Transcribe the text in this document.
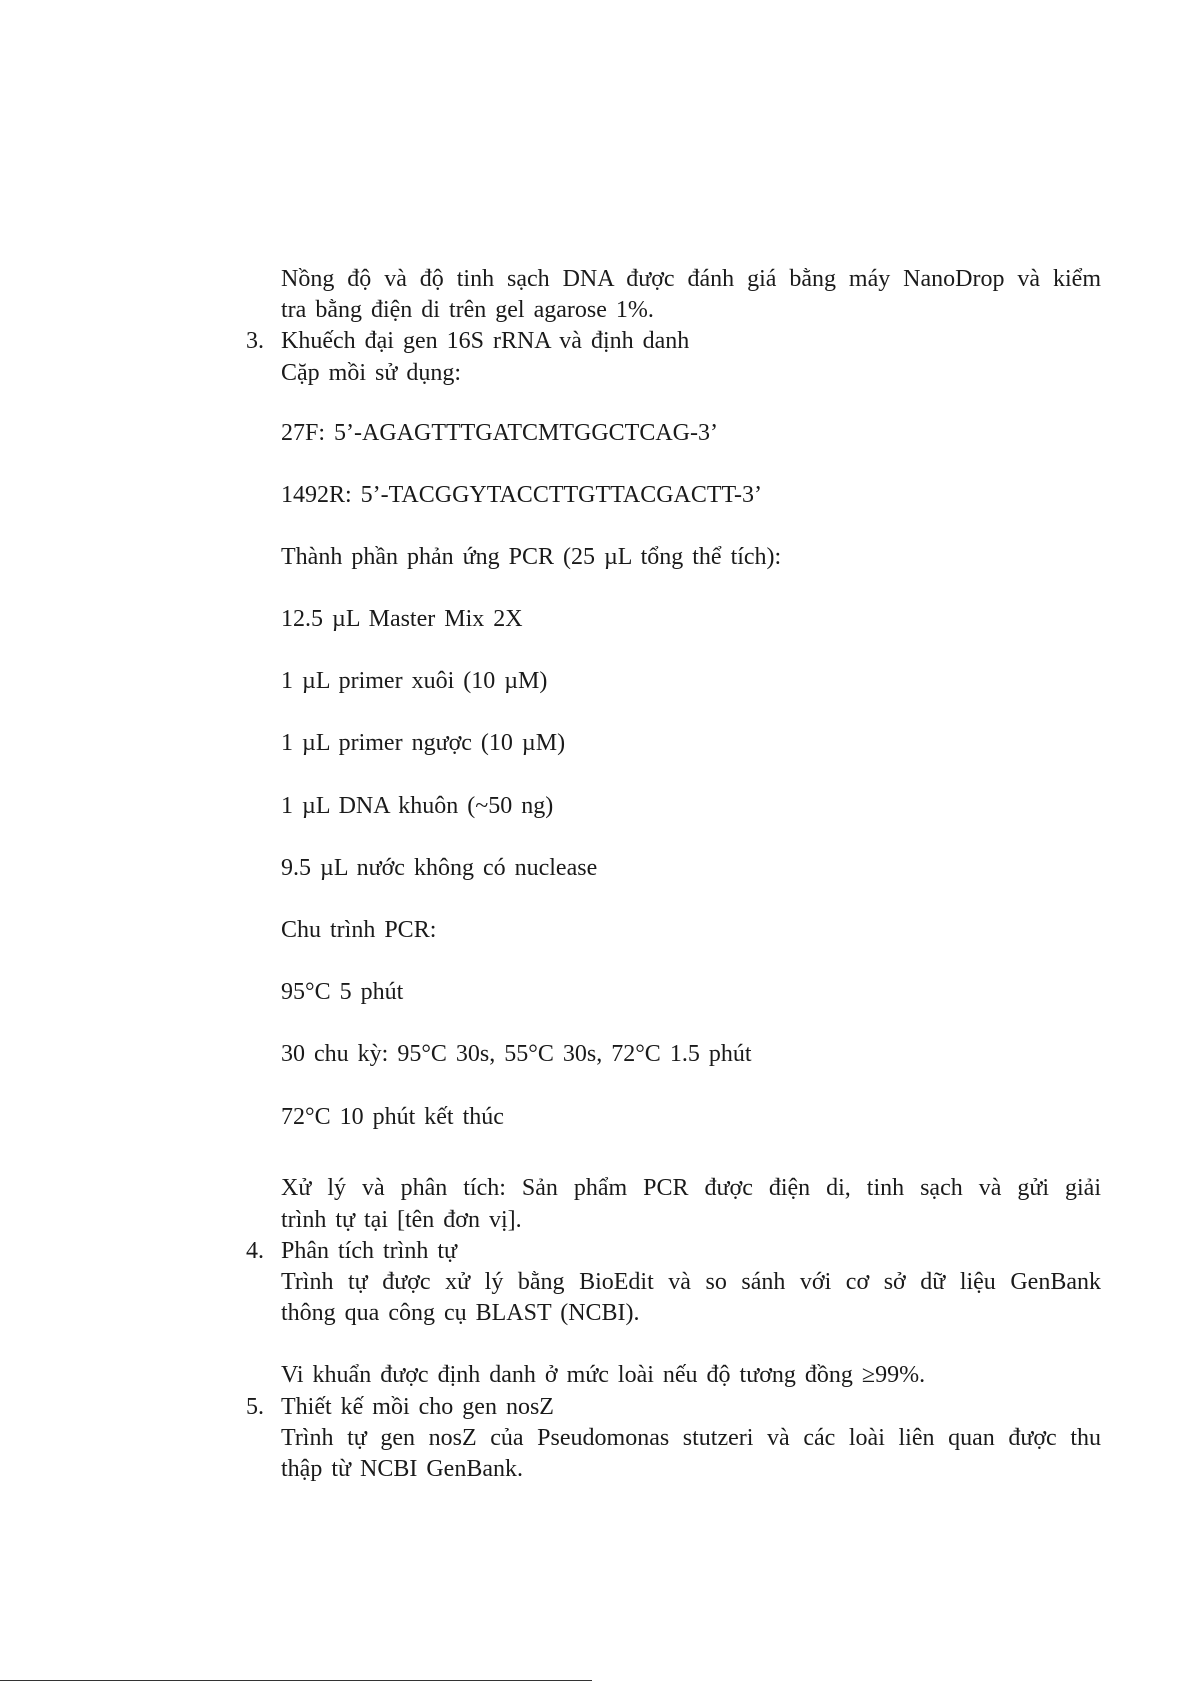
Nồng độ và độ tinh sạch DNA được đánh giá bằng máy NanoDrop và kiểm
tra bằng điện di trên gel agarose 1%.
3. Khuếch đại gen 16S rRNA và định danh
Cặp mồi sử dụng:
27F: 5’-AGAGTTTGATCMTGGCTCAG-3’
1492R: 5’-TACGGYTACCTTGTTACGACTT-3’
Thành phần phản ứng PCR (25 µL tổng thể tích):
12.5 µL Master Mix 2X
1 µL primer xuôi (10 µM)
1 µL primer ngược (10 µM)
1 µL DNA khuôn (~50 ng)
9.5 µL nước không có nuclease
Chu trình PCR:
95°C 5 phút
30 chu kỳ: 95°C 30s, 55°C 30s, 72°C 1.5 phút
72°C 10 phút kết thúc
Xử lý và phân tích: Sản phẩm PCR được điện di, tinh sạch và gửi giải
trình tự tại [tên đơn vị].
4. Phân tích trình tự
Trình tự được xử lý bằng BioEdit và so sánh với cơ sở dữ liệu GenBank
thông qua công cụ BLAST (NCBI).
Vi khuẩn được định danh ở mức loài nếu độ tương đồng ≥99%.
5. Thiết kế mồi cho gen nosZ
Trình tự gen nosZ của Pseudomonas stutzeri và các loài liên quan được thu
thập từ NCBI GenBank.
